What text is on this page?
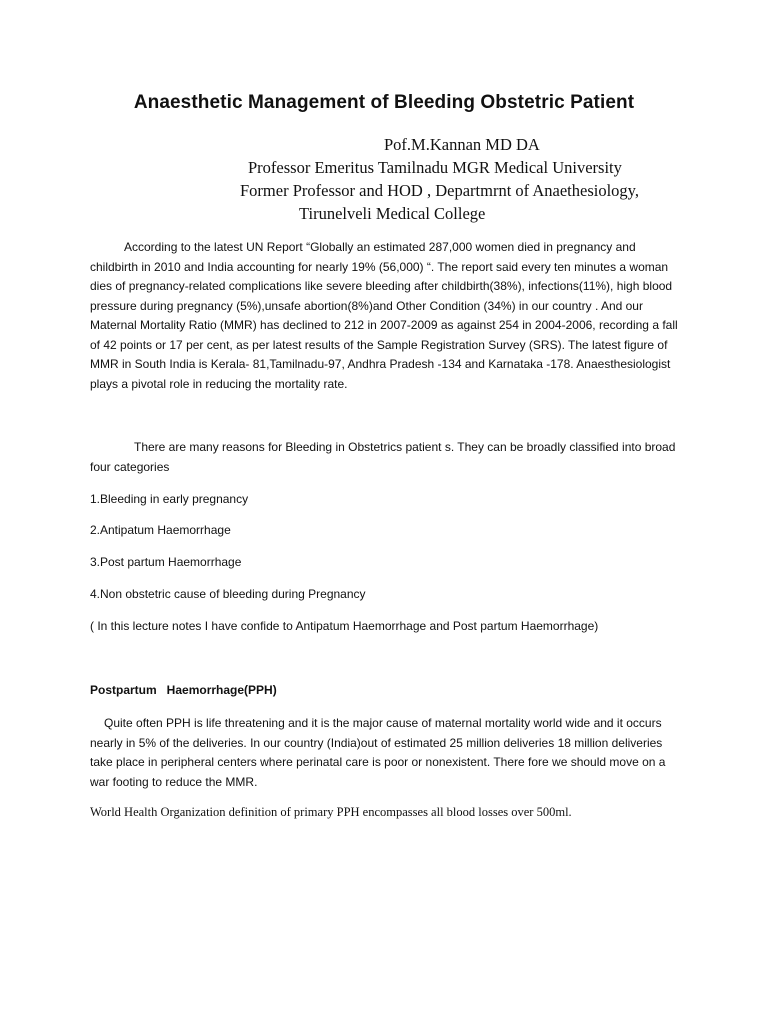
Anaesthetic Management of Bleeding Obstetric Patient

Pof.M.Kannan MD DA

Professor Emeritus Tamilnadu MGR Medical University

Former Professor and HOD , Departmrnt of Anaethesiology,

Tirunelveli Medical College

According to the latest UN Report “Globally an estimated 287,000 women died in pregnancy and childbirth in 2010 and India accounting for nearly 19% (56,000) “. The report said every ten minutes a woman dies of pregnancy-related complications like severe bleeding after childbirth(38%), infections(11%), high blood pressure during pregnancy (5%),unsafe abortion(8%)and Other Condition (34%) in our country . And our Maternal Mortality Ratio (MMR) has declined to 212 in 2007-2009 as against 254 in 2004-2006, recording a fall of 42 points or 17 per cent, as per latest results of the Sample Registration Survey (SRS). The latest figure of MMR in South India is Kerala- 81,Tamilnadu-97, Andhra Pradesh -134 and Karnataka -178. Anaesthesiologist plays a pivotal role in reducing the mortality rate.

There are many reasons for Bleeding in Obstetrics patient s. They can be broadly classified into broad four categories

1.Bleeding in early pregnancy

2.Antipatum Haemorrhage

3.Post partum Haemorrhage

4.Non obstetric cause of bleeding during Pregnancy

( In this lecture notes I have confide to Antipatum Haemorrhage and Post partum Haemorrhage)

Postpartum   Haemorrhage(PPH)

Quite often PPH is life threatening and it is the major cause of maternal mortality world wide and it occurs nearly in 5% of the deliveries. In our country (India)out of estimated 25 million deliveries 18 million deliveries take place in peripheral centers where perinatal care is poor or nonexistent. There fore we should move on a war footing to reduce the MMR.

World Health Organization definition of primary PPH encompasses all blood losses over 500ml.
